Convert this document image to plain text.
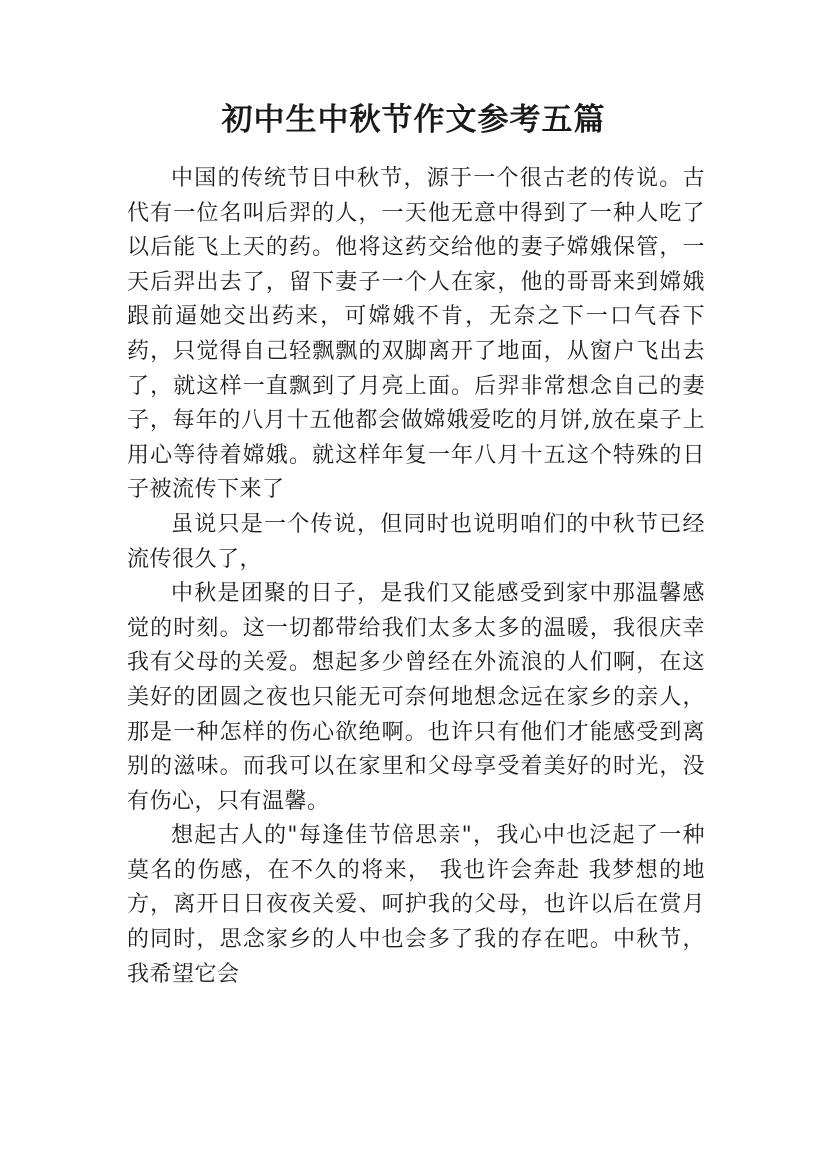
初中生中秋节作文参考五篇

中国的传统节日中秋节，源于一个很古老的传说。古代有一位名叫后羿的人，一天他无意中得到了一种人吃了以后能飞上天的药。他将这药交给他的妻子嫦娥保管，一天后羿出去了，留下妻子一个人在家，他的哥哥来到嫦娥 跟前逼她交出药来，可嫦娥不肯，无奈之下一口气吞下药，只觉得自己轻飘飘的双脚离开了地面，从窗户飞出去了，就这样一直飘到了月亮上面。后羿非常想念自己的妻子，每年的八月十五他都会做嫦娥爱吃的月饼,放在桌子上用心等待着嫦娥。就这样年复一年八月十五这个特殊的日子被流传下来了

虽说只是一个传说，但同时也说明咱们的中秋节已经流传很久了，

中秋是团聚的日子，是我们又能感受到家中那温馨感觉的时刻。这一切都带给我们太多太多的温暖，我很庆幸我有父母的关爱。想起多少曾经在外流浪的人们啊，在这美好的团圆之夜也只能无可奈何地想念远在家乡的亲人， 那是一种怎样的伤心欲绝啊。也许只有他们才能感受到离别的滋味。而我可以在家里和父母享受着美好的时光，没有伤心，只有温馨。

想起古人的"每逢佳节倍思亲"，我心中也泛起了一种莫名的伤感，在不久的将来， 我也许会奔赴 我梦想的地方，离开日日夜夜关爱、呵护我的父母，也许以后在赏月的同时，思念家乡的人中也会多了我的存在吧。中秋节，我希望它会
